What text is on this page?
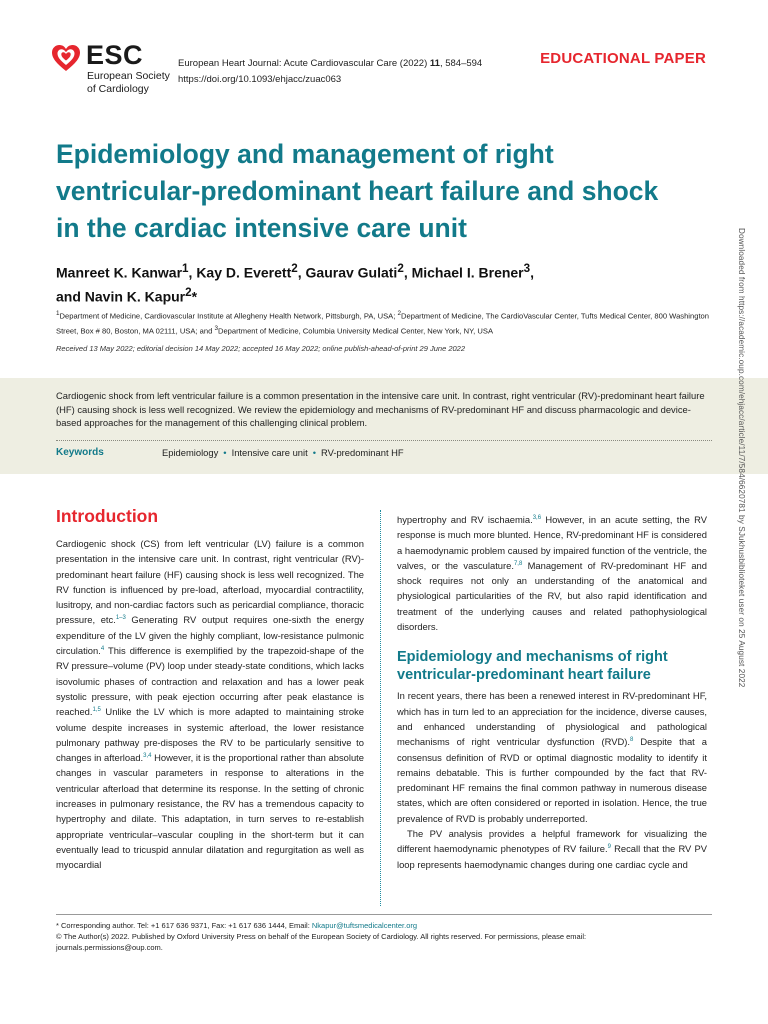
ESC
European Society
of Cardiology
European Heart Journal: Acute Cardiovascular Care (2022) 11, 584–594
https://doi.org/10.1093/ehjacc/zuac063
EDUCATIONAL PAPER
Epidemiology and management of right ventricular-predominant heart failure and shock in the cardiac intensive care unit
Manreet K. Kanwar$^1$, Kay D. Everett$^2$, Gaurav Gulati$^2$, Michael I. Brener$^3$,
and Navin K. Kapur$^2$*
$^1$Department of Medicine, Cardiovascular Institute at Allegheny Health Network, Pittsburgh, PA, USA; $^2$Department of Medicine, The CardioVascular Center, Tufts Medical Center, 800 Washington Street, Box # 80, Boston, MA 02111, USA; and $^3$Department of Medicine, Columbia University Medical Center, New York, NY, USA
Received 13 May 2022; editorial decision 14 May 2022; accepted 16 May 2022; online publish-ahead-of-print 29 June 2022
Cardiogenic shock from left ventricular failure is a common presentation in the intensive care unit. In contrast, right ventricular (RV)-predominant heart failure (HF) causing shock is less well recognized. We review the epidemiology and mechanisms of RV-predominant HF and discuss pharmacologic and device-based approaches for the management of this challenging clinical problem.
Keywords	Epidemiology • Intensive care unit • RV-predominant HF
Introduction

Cardiogenic shock (CS) from left ventricular (LV) failure is a common presentation in the intensive care unit. In contrast, right ventricular (RV)-predominant heart failure (HF) causing shock is less well recognized. The RV function is influenced by pre-load, afterload, myocardial contractility, lusitropy, and non-cardiac factors such as pericardial compliance, thoracic pressure, etc.$^{1-3}$ Generating RV output requires one-sixth the energy expenditure of the LV given the highly compliant, low-resistance pulmonic circulation.$^4$ This difference is exemplified by the trapezoid-shape of the RV pressure–volume (PV) loop under steady-state conditions, which lacks isovolumic phases of contraction and relaxation and has a lower peak systolic pressure, with peak ejection occurring after peak elastance is reached.$^{1,5}$ Unlike the LV which is more adapted to maintaining stroke volume despite increases in systemic afterload, the lower resistance pulmonary pathway pre-disposes the RV to be particularly sensitive to changes in afterload.$^{3,4}$ However, it is the proportional rather than absolute changes in vascular parameters in response to alterations in the ventricular afterload that determine its response. In the setting of chronic increases in pulmonary resistance, the RV has a tremendous capacity to hypertrophy and dilate. This adaptation, in turn serves to re-establish appropriate ventricular–vascular coupling in the short-term but it can eventually lead to tricuspid annular dilatation and regurgitation as well as myocardial

hypertrophy and RV ischaemia.$^{3,6}$ However, in an acute setting, the RV response is much more blunted. Hence, RV-predominant HF is considered a haemodynamic problem caused by impaired function of the ventricle, the valves, or the vasculature.$^{7,8}$ Management of RV-predominant HF and shock requires not only an understanding of the anatomical and physiological particularities of the RV, but also rapid identification and treatment of the underlying causes and related pathophysiological disorders.

Epidemiology and mechanisms of right ventricular-predominant heart failure

In recent years, there has been a renewed interest in RV-predominant HF, which has in turn led to an appreciation for the incidence, diverse causes, and enhanced understanding of physiological and pathological mechanisms of right ventricular dysfunction (RVD).$^8$ Despite that a consensus definition of RVD or optimal diagnostic modality to identify it remains debatable. This is further compounded by the fact that RV-predominant HF remains the final common pathway in numerous disease states, which are often considered or reported in isolation. Hence, the true prevalence of RVD is probably underreported.

The PV analysis provides a helpful framework for visualizing the different haemodynamic phenotypes of RV failure.$^9$ Recall that the RV PV loop represents haemodynamic changes during one cardiac cycle and

* Corresponding author. Tel: +1 617 636 9371, Fax: +1 617 636 1444, Email: Nkapur@tuftsmedicalcenter.org
© The Author(s) 2022. Published by Oxford University Press on behalf of the European Society of Cardiology. All rights reserved. For permissions, please email:
journals.permissions@oup.com.
Downloaded from https://academic.oup.com/ehjacc/article/11/7/584/6620781 by SJukhusbiblioteket user on 25 August 2022
